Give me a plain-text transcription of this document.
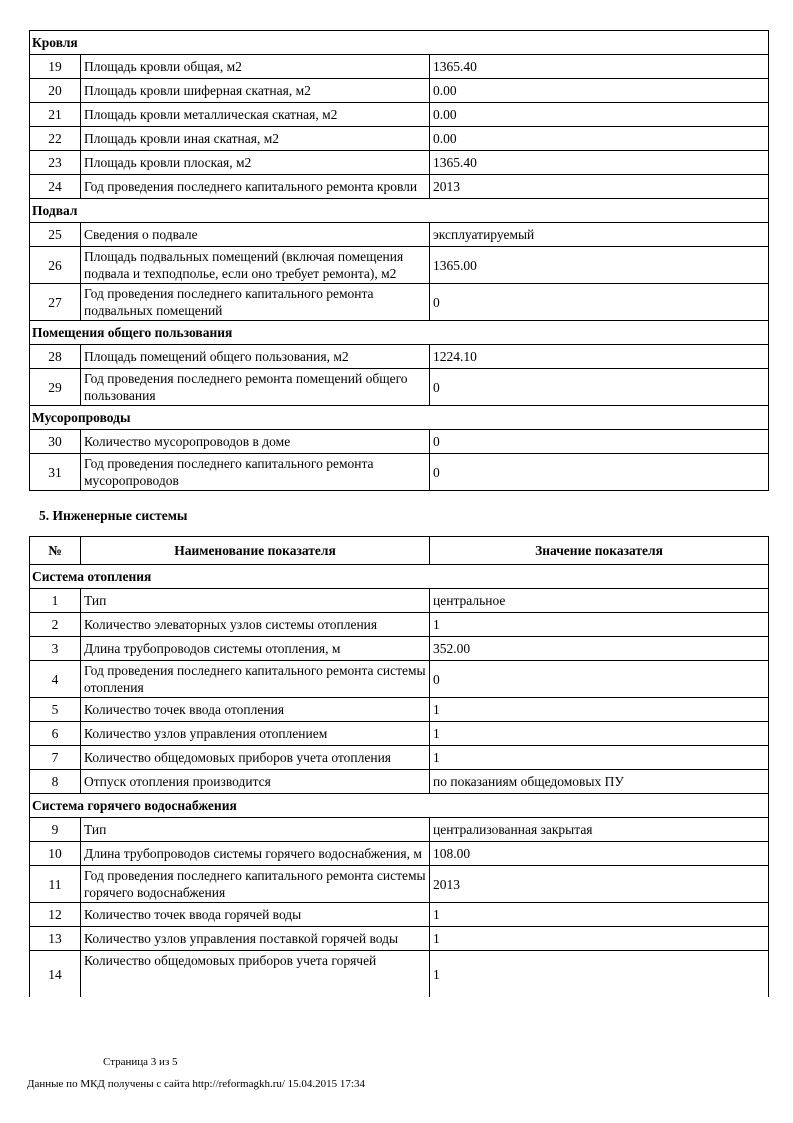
Кровля		
19	Площадь кровли общая, м2	1365.40
20	Площадь кровли шиферная скатная, м2	0.00
21	Площадь кровли металлическая скатная, м2	0.00
22	Площадь кровли иная скатная, м2	0.00
23	Площадь кровли плоская, м2	1365.40
24	Год проведения последнего капитального ремонта кровли	2013
Подвал		
25	Сведения о подвале	эксплуатируемый
26	Площадь подвальных помещений (включая помещения подвала и техподполье, если оно требует ремонта), м2	1365.00
27	Год проведения последнего капитального ремонта подвальных помещений	0
Помещения общего пользования		
28	Площадь помещений общего пользования, м2	1224.10
29	Год проведения последнего ремонта помещений общего пользования	0
Мусоропроводы		
30	Количество мусоропроводов в доме	0
31	Год проведения последнего капитального ремонта мусоропроводов	0
5. Инженерные системы
№	Наименование показателя	Значение показателя
Система отопления		
1	Тип	центральное
2	Количество элеваторных узлов системы отопления	1
3	Длина трубопроводов системы отопления, м	352.00
4	Год проведения последнего капитального ремонта системы отопления	0
5	Количество точек ввода отопления	1
6	Количество узлов управления отоплением	1
7	Количество общедомовых приборов учета отопления	1
8	Отпуск отопления производится	по показаниям общедомовых ПУ
Система горячего водоснабжения		
9	Тип	централизованная закрытая
10	Длина трубопроводов системы горячего водоснабжения, м	108.00
11	Год проведения последнего капитального ремонта системы горячего водоснабжения	2013
12	Количество точек ввода горячей воды	1
13	Количество узлов управления поставкой горячей воды	1
14	Количество общедомовых приборов учета горячей	1
Страница 3 из 5
Данные по МКД получены с сайта http://reformagkh.ru/ 15.04.2015 17:34
